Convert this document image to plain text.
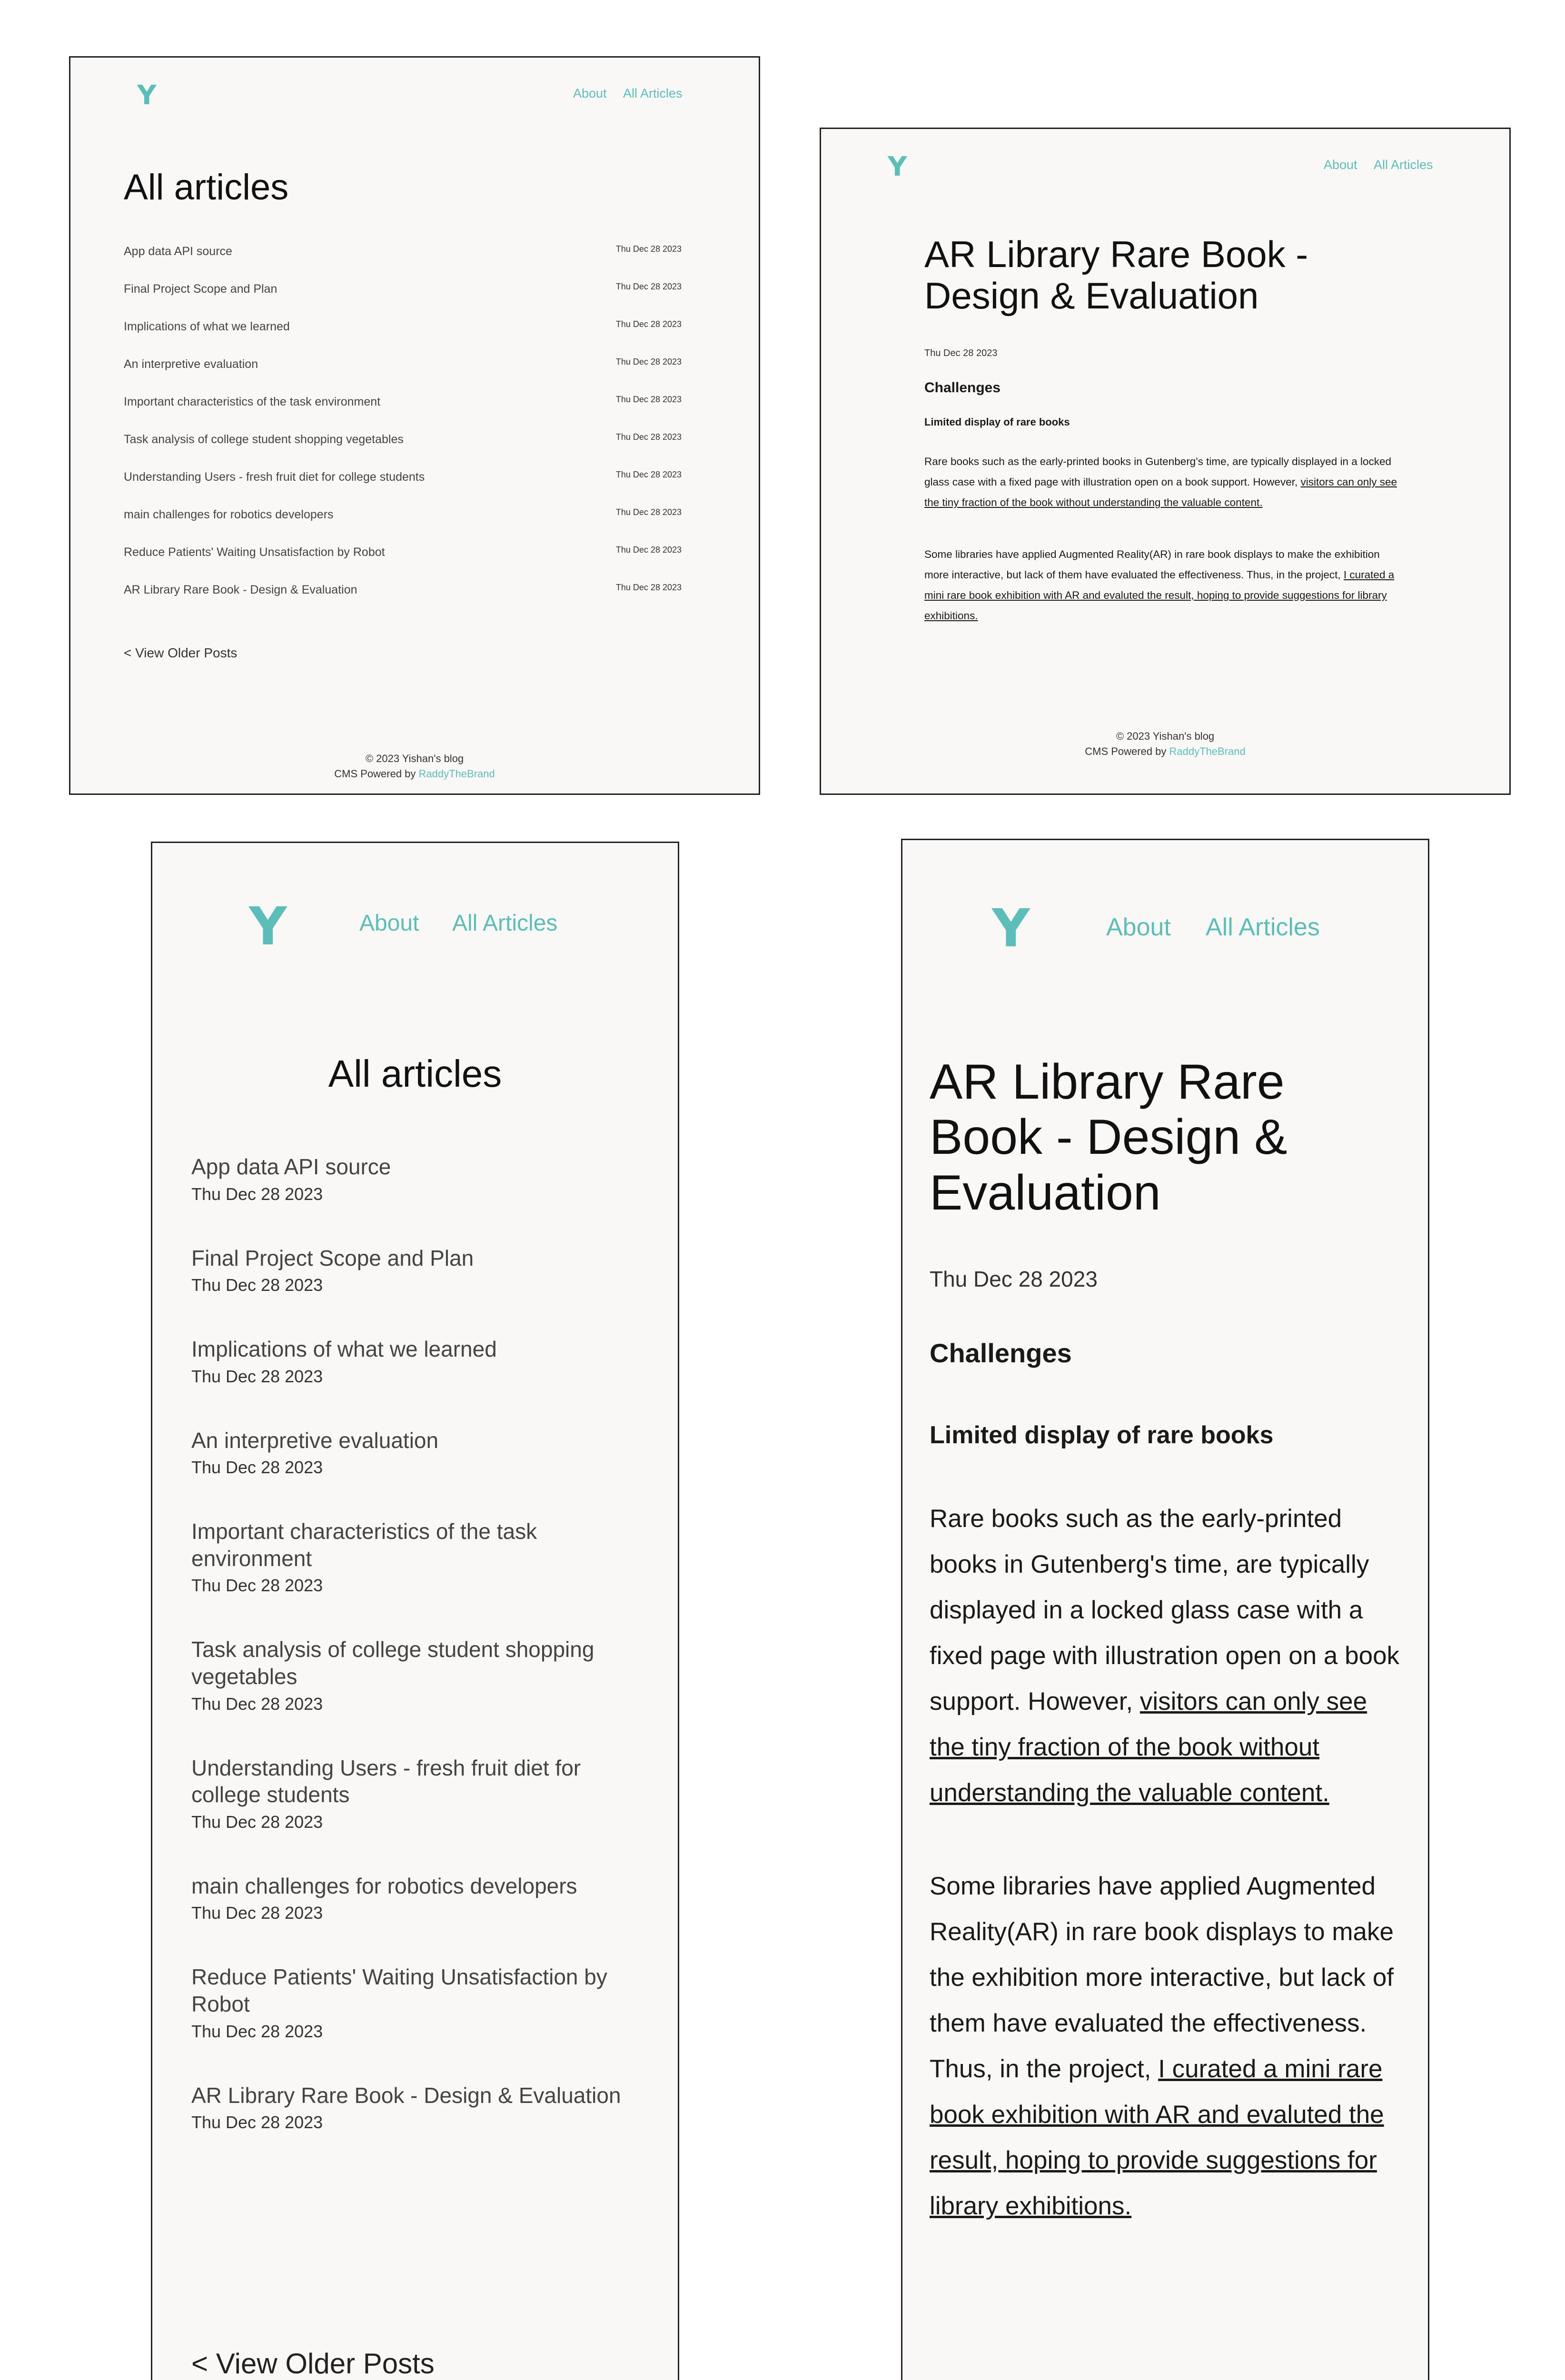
Y	About All Articles
All articles
App data API source	Thu Dec 28 2023
Final Project Scope and Plan	Thu Dec 28 2023
Implications of what we learned	Thu Dec 28 2023
An interpretive evaluation	Thu Dec 28 2023
Important characteristics of the task environment	Thu Dec 28 2023
Task analysis of college student shopping vegetables	Thu Dec 28 2023
Understanding Users - fresh fruit diet for college students	Thu Dec 28 2023
main challenges for robotics developers	Thu Dec 28 2023
Reduce Patients' Waiting Unsatisfaction by Robot	Thu Dec 28 2023
AR Library Rare Book - Design & Evaluation	Thu Dec 28 2023
< View Older Posts
© 2023 Yishan's blog
CMS Powered by RaddyTheBrand
Y	About All Articles
AR Library Rare Book - Design & Evaluation
Thu Dec 28 2023
Challenges
Limited display of rare books

Rare books such as the early-printed books in Gutenberg's time, are typically displayed in a locked glass case with a fixed page with illustration open on a book support. However, visitors can only see the tiny fraction of the book without understanding the valuable content.

Some libraries have applied Augmented Reality(AR) in rare book displays to make the exhibition more interactive, but lack of them have evaluated the effectiveness. Thus, in the project, I curated a mini rare book exhibition with AR and evaluted the result, hoping to provide suggestions for library exhibitions.

© 2023 Yishan's blog
CMS Powered by RaddyTheBrand
Y	About All Articles
All articles
App data API source
Thu Dec 28 2023
Final Project Scope and Plan
Thu Dec 28 2023
Implications of what we learned
Thu Dec 28 2023
An interpretive evaluation
Thu Dec 28 2023
Important characteristics of the task environment
Thu Dec 28 2023
Task analysis of college student shopping vegetables
Thu Dec 28 2023
Understanding Users - fresh fruit diet for college students
Thu Dec 28 2023
main challenges for robotics developers
Thu Dec 28 2023
Reduce Patients' Waiting Unsatisfaction by Robot
Thu Dec 28 2023
AR Library Rare Book - Design & Evaluation
Thu Dec 28 2023
< View Older Posts
Y	About All Articles
AR Library Rare Book - Design & Evaluation
Thu Dec 28 2023
Challenges
Limited display of rare books

Rare books such as the early-printed books in Gutenberg's time, are typically displayed in a locked glass case with a fixed page with illustration open on a book support. However, visitors can only see the tiny fraction of the book without understanding the valuable content.

Some libraries have applied Augmented Reality(AR) in rare book displays to make the exhibition more interactive, but lack of them have evaluated the effectiveness. Thus, in the project, I curated a mini rare book exhibition with AR and evaluted the result, hoping to provide suggestions for library exhibitions.
